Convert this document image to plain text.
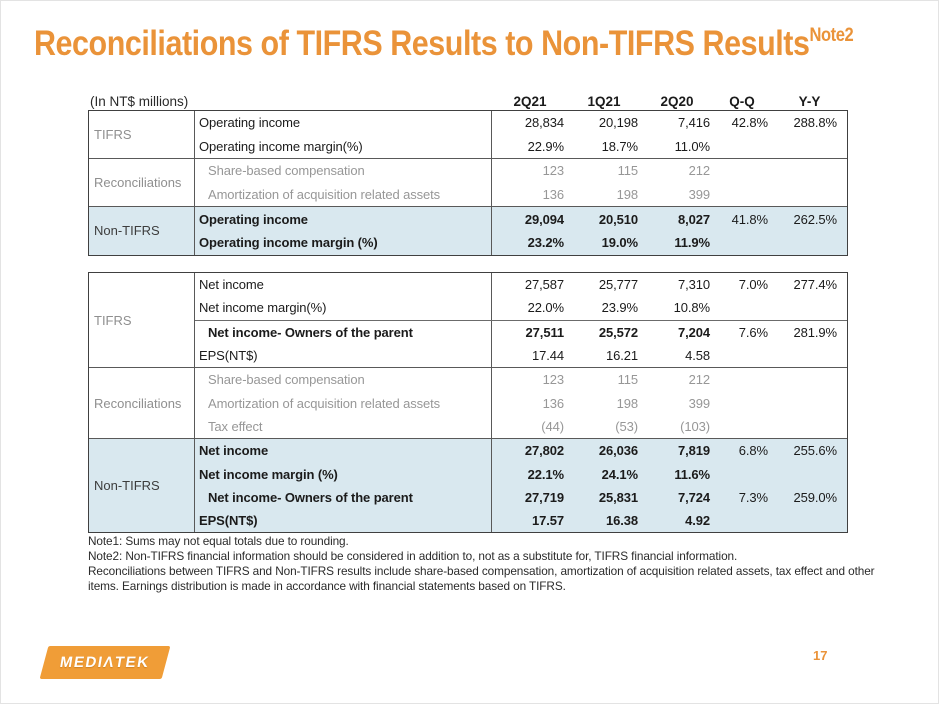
Reconciliations of TIFRS Results to Non-TIFRS Results$^{Note2}$
(In NT$ millions)	2Q21	1Q21	2Q20	Q-Q	Y-Y
TIFRS
Operating income	28,834	20,198	7,416	42.8%	288.8%
Operating income margin(%)	22.9%	18.7%	11.0%
Reconciliations
Share-based compensation	123	115	212
Amortization of acquisition related assets	136	198	399
Non-TIFRS
Operating income	29,094	20,510	8,027	41.8%	262.5%
Operating income margin (%)	23.2%	19.0%	11.9%
TIFRS
Net income	27,587	25,777	7,310	7.0%	277.4%
Net income margin(%)	22.0%	23.9%	10.8%
Net income- Owners of the parent	27,511	25,572	7,204	7.6%	281.9%
EPS(NT$)	17.44	16.21	4.58
Reconciliations
Share-based compensation	123	115	212
Amortization of acquisition related assets	136	198	399
Tax effect	(44)	(53)	(103)
Non-TIFRS
Net income	27,802	26,036	7,819	6.8%	255.6%
Net income margin (%)	22.1%	24.1%	11.6%
Net income- Owners of the parent	27,719	25,831	7,724	7.3%	259.0%
EPS(NT$)	17.57	16.38	4.92

Note1: Sums may not equal totals due to rounding.

Note2: Non-TIFRS financial information should be considered in addition to, not as a substitute for, TIFRS financial information.

Reconciliations between TIFRS and Non-TIFRS results include share-based compensation, amortization of acquisition related assets, tax effect and other items. Earnings distribution is made in accordance with financial statements based on TIFRS.

MEDIΛTEK	17
